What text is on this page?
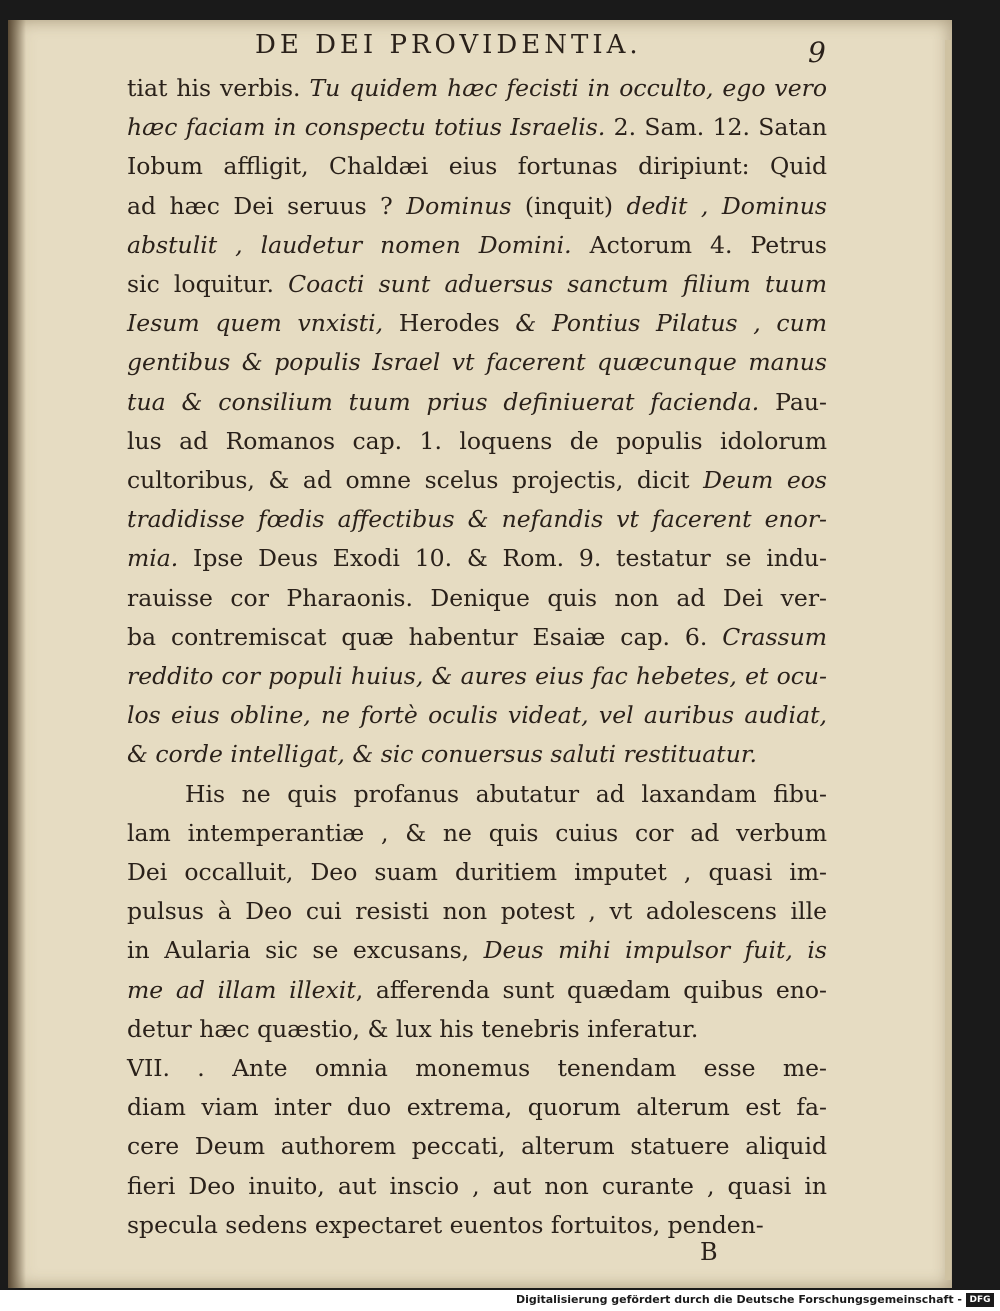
DE DEI PROVIDENTIA.	9
tiat his verbis. Tu quidem hæc fecisti in occulto, ego vero
hæc faciam in conspectu totius Israelis. 2. Sam. 12. Satan
Iobum affligit, Chaldæi eius fortunas diripiunt: Quid
ad hæc Dei seruus ? Dominus (inquit) dedit , Dominus
abstulit , laudetur nomen Domini. Actorum 4. Petrus
sic loquitur. Coacti sunt aduersus sanctum filium tuum
Iesum quem vnxisti, Herodes & Pontius Pilatus , cum
gentibus & populis Israel vt facerent quæcunque manus
tua & consilium tuum prius definiuerat facienda. Pau-
lus ad Romanos cap. 1. loquens de populis idolorum
cultoribus, & ad omne scelus projectis, dicit Deum eos
tradidisse fœdis affectibus & nefandis vt facerent enor-
mia. Ipse Deus Exodi 10. & Rom. 9. testatur se indu-
rauisse cor Pharaonis. Denique quis non ad Dei ver-
ba contremiscat quæ habentur Esaiæ cap. 6. Crassum
reddito cor populi huius, & aures eius fac hebetes, et ocu-
los eius obline, ne fortè oculis videat, vel auribus audiat,
& corde intelligat, & sic conuersus saluti restituatur.
His ne quis profanus abutatur ad laxandam fibu-
lam intemperantiæ , & ne quis cuius cor ad verbum
Dei occalluit, Deo suam duritiem imputet , quasi im-
pulsus à Deo cui resisti non potest , vt adolescens ille
in Aularia sic se excusans, Deus mihi impulsor fuit, is
me ad illam illexit, afferenda sunt quædam quibus eno-
detur hæc quæstio, & lux his tenebris inferatur.
VII. . Ante omnia monemus tenendam esse me-
diam viam inter duo extrema, quorum alterum est fa-
cere Deum authorem peccati, alterum statuere aliquid
fieri Deo inuito, aut inscio , aut non curante , quasi in
specula sedens expectaret euentos fortuitos, penden-
B
Digitalisierung gefördert durch die Deutsche Forschungsgemeinschaft - DFG
